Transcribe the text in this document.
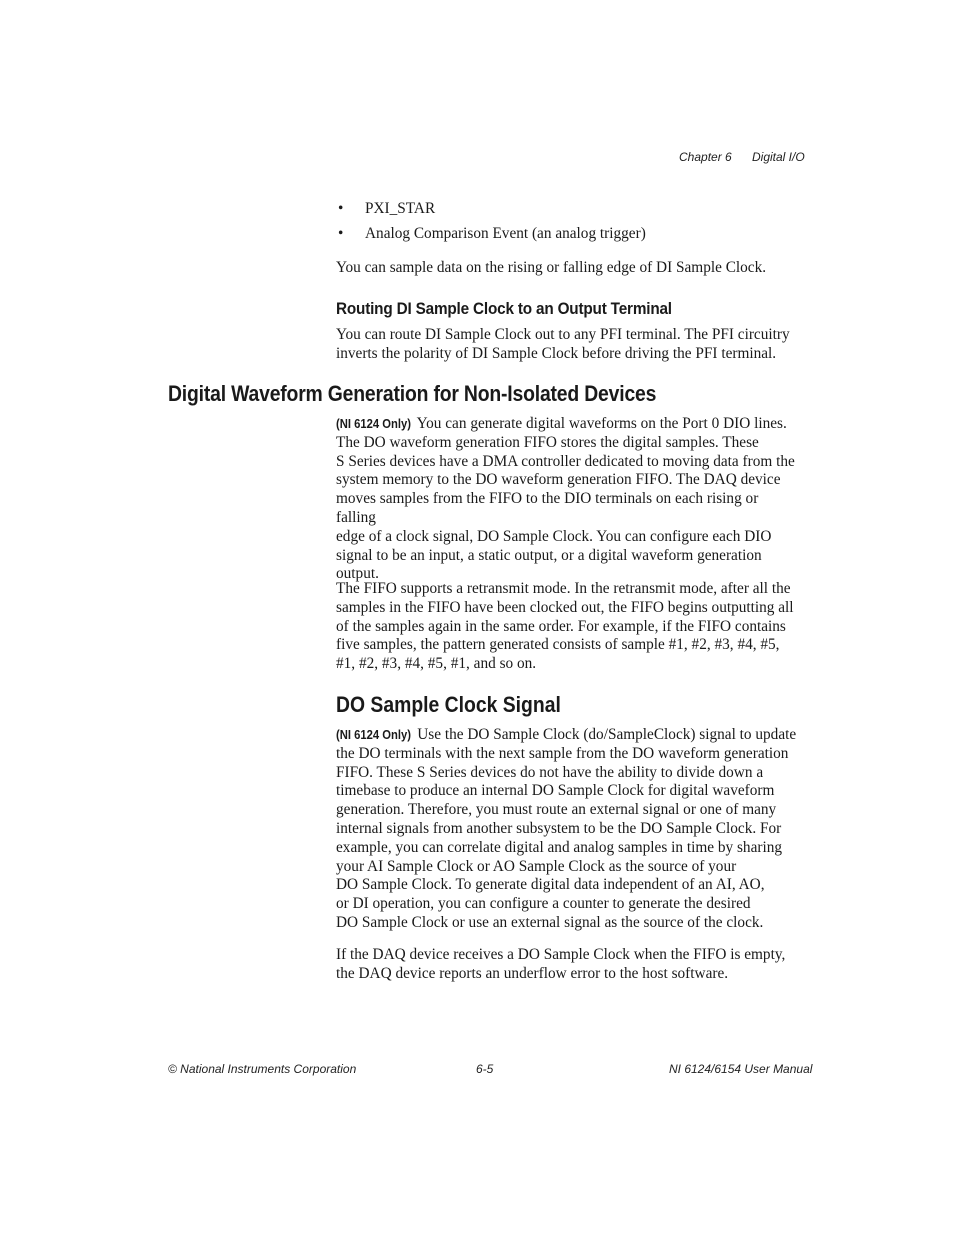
Chapter 6 Digital I/O
• PXI_STAR
• Analog Comparison Event (an analog trigger)

You can sample data on the rising or falling edge of DI Sample Clock.

Routing DI Sample Clock to an Output Terminal
You can route DI Sample Clock out to any PFI terminal. The PFI circuitry
inverts the polarity of DI Sample Clock before driving the PFI terminal.
Digital Waveform Generation for Non-Isolated Devices
(NI 6124 Only) You can generate digital waveforms on the Port 0 DIO lines.
The DO waveform generation FIFO stores the digital samples. These
S Series devices have a DMA controller dedicated to moving data from the
system memory to the DO waveform generation FIFO. The DAQ device
moves samples from the FIFO to the DIO terminals on each rising or falling
edge of a clock signal, DO Sample Clock. You can configure each DIO
signal to be an input, a static output, or a digital waveform generation
output.
The FIFO supports a retransmit mode. In the retransmit mode, after all the
samples in the FIFO have been clocked out, the FIFO begins outputting all
of the samples again in the same order. For example, if the FIFO contains
five samples, the pattern generated consists of sample #1, #2, #3, #4, #5,
#1, #2, #3, #4, #5, #1, and so on.
DO Sample Clock Signal
(NI 6124 Only) Use the DO Sample Clock (do/SampleClock) signal to update
the DO terminals with the next sample from the DO waveform generation
FIFO. These S Series devices do not have the ability to divide down a
timebase to produce an internal DO Sample Clock for digital waveform
generation. Therefore, you must route an external signal or one of many
internal signals from another subsystem to be the DO Sample Clock. For
example, you can correlate digital and analog samples in time by sharing
your AI Sample Clock or AO Sample Clock as the source of your
DO Sample Clock. To generate digital data independent of an AI, AO,
or DI operation, you can configure a counter to generate the desired
DO Sample Clock or use an external signal as the source of the clock.
If the DAQ device receives a DO Sample Clock when the FIFO is empty,
the DAQ device reports an underflow error to the host software.
© National Instruments Corporation	6-5	NI 6124/6154 User Manual
